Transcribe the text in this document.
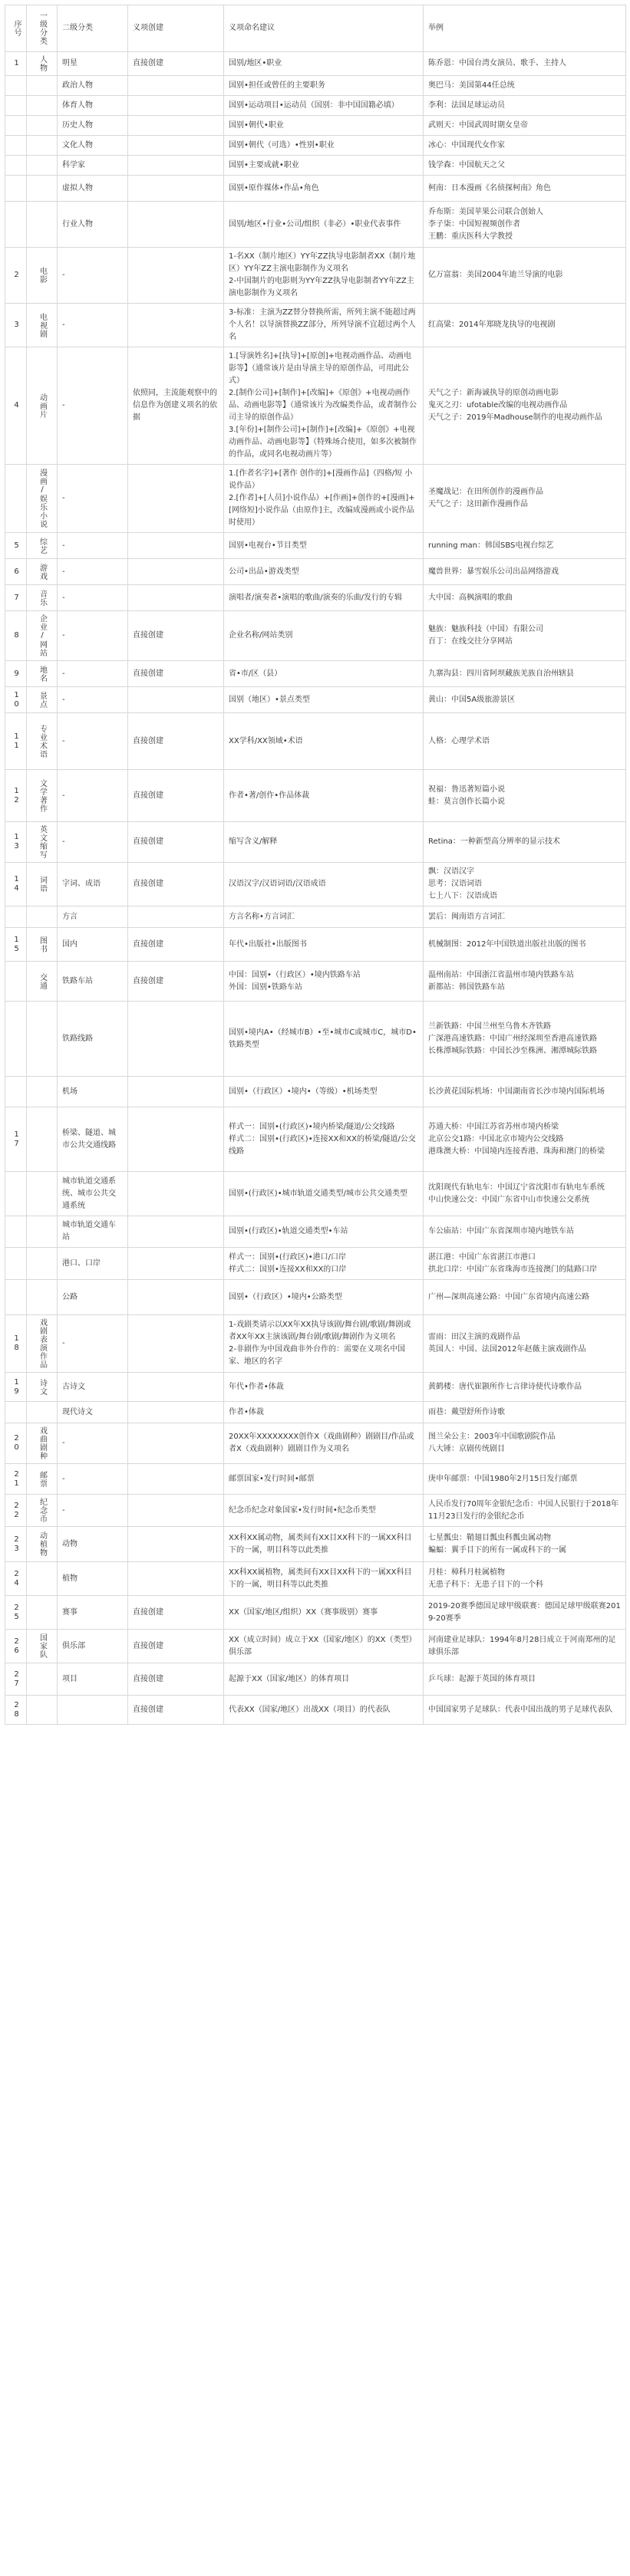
序号	一级分类	二级分类	义项创建	义项命名建议	举例

1	人物	明星	直接创建	国别/地区•职业	陈乔恩：中国台湾女演员、歌手、主持人

		政治人物		国别•担任或曾任的主要职务	奥巴马：美国第44任总统

		体育人物		国别•运动项目•运动员（国别：非中国国籍必填）	李利：法国足球运动员

		历史人物		国别•朝代•职业	武则天：中国武周时期女皇帝

		文化人物		国别•朝代（可选）•性别•职业	冰心：中国现代女作家

		科学家		国别•主要成就•职业	钱学森：中国航天之父

		虚拟人物		国别•原作媒体•作品•角色	柯南：日本漫画《名侦探柯南》角色

		行业人物		国别/地区•行业•公司/组织（非必）•职业代表事件	乔布斯：美国苹果公司联合创始人
李子柒：中国短视频创作者
王鹏：重庆医科大学教授

2	电影	-		1-名XX（制片地区）YY年ZZ执导电影制者XX（制片地区）YY年ZZ主演电影制作为义项名
2-中国制片的电影则为YY年ZZ执导电影制者YY年ZZ主演电影制作为义项名	亿万富翁：美国2004年迪兰导演的电影

3	电视剧	-		3-标准：主演为ZZ替分替换所需，所列主演不能超过两个人名！以导演替换ZZ部分，所列导演不宜超过两个人名	红高粱：2014年郑晓龙执导的电视剧

4	动画片	-	依照同，主流能观察中的信息作为创建义项名的依据	1.[导演姓名]+[执导]+[原创]+电视动画作品、动画电影等】（通常该片是由导演主导的原创作品，可用此公式）
2.[制作公司]+[制作]+[改编]+《原创》+电视动画作品、动画电影等】（通常该片为改编类作品，或者制作公司主导的原创作品）
3.[年份]+[制作公司]+[制作]+[改编]+《原创》+电视动画作品、动画电影等】（特殊场合使用，如多次被制作的作品，或同名电视动画片等）	天气之子：新海诚执导的原创动画电影
鬼灭之刃：ufotable改编的电视动画作品
天气之子：2019年Madhouse制作的电视动画作品

	漫画/娱乐小说	-		1.[作者名字]+[著作 创作的]+[漫画作品]（四格/短 小说作品）
2.[作者]+[人员]小说作品）+[作画]+创作的+[漫画]+[网络短]小说作品（由原作]主，改编成漫画或小说作品时使用）	圣魔战记：在田所创作的漫画作品
天气之子：这田新作漫画作品

5	综艺	-		国别•电视台•节目类型	running man：韩国SBS电视台综艺

6	游戏	-		公司•出品•游戏类型	魔兽世界：暴雪娱乐公司出品网络游戏

7	音乐	-		演唱者/演奏者•演唱的歌曲/演奏的乐曲/发行的专辑	大中国：高枫演唱的歌曲

8	企业/网站	-	直接创建	企业名称/网站类别	魅族：魅族科技（中国）有限公司
百丁：在线交往分享网站

9	地名	-	直接创建	省•市/区（县）	九寨沟县：四川省阿坝藏族羌族自治州辖县

10	景点	-		国别（地区）•景点类型	黄山：中国5A级旅游景区

11	专业术语	-	直接创建	XX学科/XX领域•术语	人格：心理学术语

12	文学著作	-	直接创建	作者•著/创作•作品体裁	祝福：鲁迅著短篇小说
蛙：莫言创作长篇小说

13	英文缩写	-	直接创建	缩写含义/解释	Retina：一种新型高分辨率的显示技术

14	词语	字词、成语	直接创建	汉语汉字/汉语词语/汉语成语	飘：汉语汉字
思考：汉语词语
七上八下：汉语成语

		方言		方言名称•方言词汇	罢后：闽南语方言词汇

15	图书	国内	直接创建	年代•出版社•出版图书	机械制图：2012年中国铁道出版社出版的图书

	交通	铁路车站	直接创建	中国：国别•（行政区）•境内铁路车站
外国：国别•铁路车站	温州南站：中国浙江省温州市境内铁路车站
新都站：韩国铁路车站

		铁路线路		国别•境内A•（经城市B）•至•城市C或城市C，城市D•铁路类型	兰新铁路：中国兰州至乌鲁木齐铁路
广深港高速铁路：中国广州经深圳至香港高速铁路
长株潭城际铁路：中国长沙至株洲、湘潭城际铁路

		机场		国别•（行政区）•境内•（等级）•机场类型	长沙黄花国际机场：中国湖南省长沙市境内国际机场

17		桥梁、隧道、城市公共交通线路		样式一：国别•(行政区)•境内桥梁/隧道/公交线路
样式二：国别•(行政区)•连接XX和XX的桥梁/隧道/公交线路	苏通大桥：中国江苏省苏州市境内桥梁
北京公交1路：中国北京市境内公交线路
港珠澳大桥：中国境内连接香港、珠海和澳门的桥梁

		城市轨道交通系统、城市公共交通系统		国别•(行政区)•城市轨道交通类型/城市公共交通类型	沈阳现代有轨电车：中国辽宁省沈阳市有轨电车系统
中山快速公交：中国广东省中山市快速公交系统

		城市轨道交通车站		国别•(行政区)•轨道交通类型•车站	车公庙站：中国广东省深圳市境内地铁车站

		港口、口岸		样式一：国别•(行政区)•港口/口岸
样式二：国别•连接XX和XX的口岸	湛江港：中国广东省湛江市港口
拱北口岸：中国广东省珠海市连接澳门的陆路口岸

		公路		国别•（行政区）•境内•公路类型	广州—深圳高速公路：中国广东省境内高速公路

18	戏剧表演作品	-		1-戏剧类请示以XX年XX执导该剧/舞台剧/歌剧/舞剧或者XX年XX主演该剧/舞台剧/歌剧/舞剧作为义项名
2-非剧作为中国戏曲非外台作的：需要在义项名中国家、地区的名字	雷雨：田汉主演的戏剧作品
英国人：中国、法国2012年赵薇主演戏剧作品

19	诗文	古诗文		年代•作者•体裁	黄鹤楼：唐代崔颢所作七言律诗使代诗歌作品

		现代诗文		作者•体裁	雨巷：戴望舒所作诗歌

20	戏曲剧种	-		20XX年XXXXXXXX创作X（戏曲剧种）剧剧目/作品或者X（戏曲剧种）剧剧目作为义项名	图兰朵公主：2003年中国歌剧院作品
八大锤：京剧传统剧目

21	邮票	-		邮票国家•发行时间•邮票	庚申年邮票：中国1980年2月15日发行邮票

22	纪念币	-		纪念币纪念对象国家•发行时间•纪念币类型	人民币发行70周年金银纪念币：中国人民银行于2018年11月23日发行的金银纪念币

23	动植物	动物		XX科XX属动物，属类间有XX目XX科下的一属XX科目下的一属，明目科等以此类推	七星瓢虫：鞘翅目瓢虫科瓢虫属动物
蝙蝠：翼手目下的所有一属或科下的一属

24		植物		XX科XX属植物，属类间有XX目XX科下的一属XX科目下的一属，明目科等以此类推	月桂：樟科月桂属植物
无患子科下：无患子目下的一个科

25		赛事	直接创建	XX（国家/地区/组织）XX（赛事级别）赛事	2019-20赛季德国足球甲级联赛：德国足球甲级联赛2019-20赛季

26	国家队	俱乐部	直接创建	XX（成立时间）成立于XX（国家/地区）的XX（类型）俱乐部	河南建业足球队：1994年8月28日成立于河南郑州的足球俱乐部

27		项目	直接创建	起源于XX（国家/地区）的体育项目	乒乓球：起源于英国的体育项目

28			直接创建	代表XX（国家/地区）出战XX（项目）的代表队	中国国家男子足球队：代表中国出战的男子足球代表队
